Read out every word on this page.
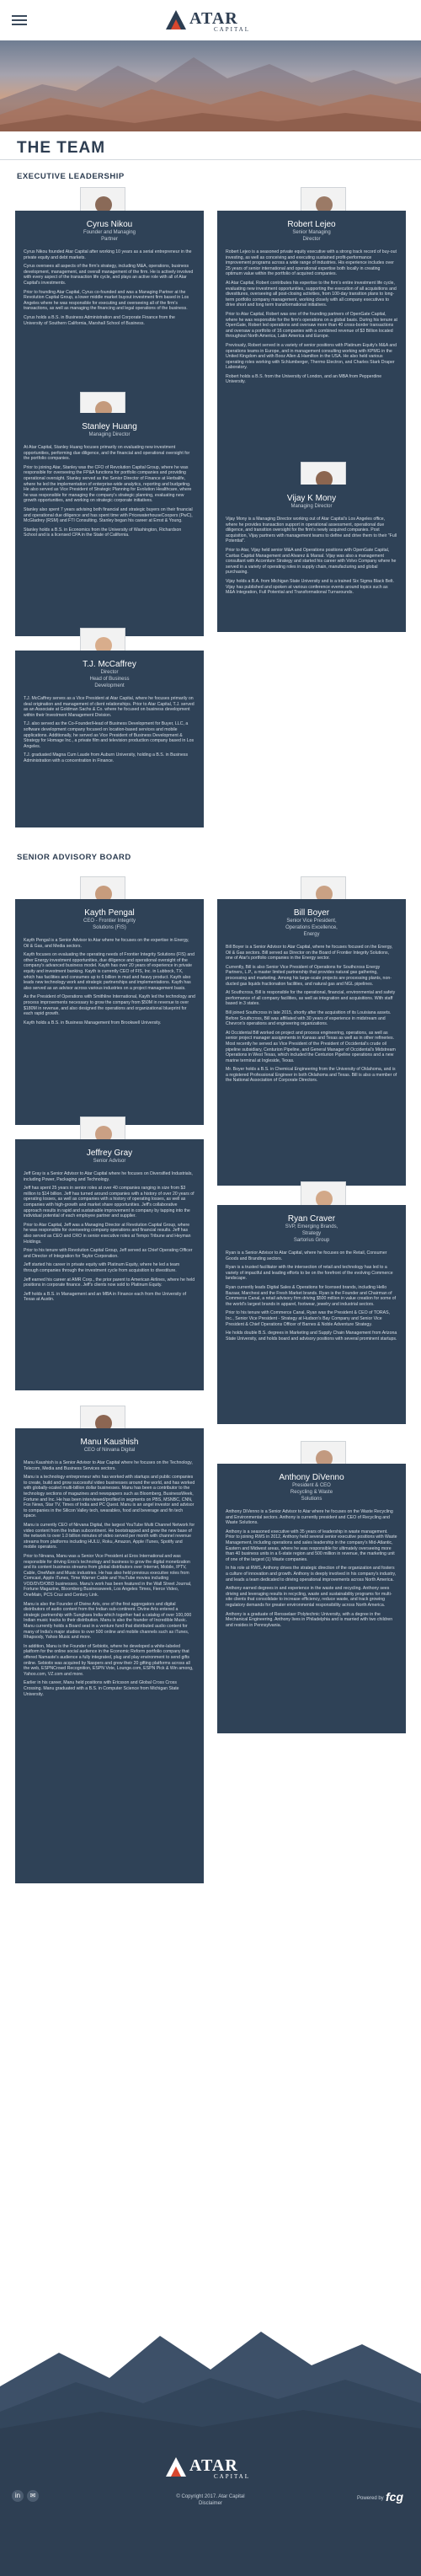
ATAR
CAPITAL
THE TEAM
EXECUTIVE LEADERSHIP
Cyrus Nikou
Founder and Managing
Partner

Cyrus Nikou founded Atar Capital after working 10 years as a serial entrepreneur in the private equity and debt markets.

Cyrus oversees all aspects of the firm's strategy, including M&A, operations, business development, management, and overall management of the firm. He is actively involved with every aspect of the transaction life cycle, and plays an active role with all of Atar Capital's investments.

Prior to founding Atar Capital, Cyrus co-founded and was a Managing Partner at the Revolution Capital Group, a lower middle market buyout investment firm based in Los Angeles where he was responsible for executing and overseeing all of the firm's transactions, as well as managing the financing and legal operations of the business.

Cyrus holds a B.S. in Business Administration and Corporate Finance from the University of Southern California, Marshall School of Business.

Robert Lejeo
Senior Managing
Director

Robert Lejeo is a seasoned private equity executive with a strong track record of buy-out investing, as well as conceiving and executing sustained profit-performance improvement programs across a wide range of industries. His experience includes over 25 years of senior international and operational expertise both locally in creating optimum value within the portfolio of acquired companies.

At Atar Capital, Robert contributes his expertise to the firm's entire investment life cycle, evaluating new investment opportunities, supporting the execution of all acquisitions and divestitures, overseeing all post-closing activities, from 100-day transition plans to long-term portfolio company management, working closely with all company executives to drive short and long term transformational initiatives.

Prior to Atar Capital, Robert was one of the founding partners of OpenGate Capital, where he was responsible for the firm's operations on a global basis. During his tenure at OpenGate, Robert led operations and oversaw more than 40 cross-border transactions and oversaw a portfolio of 16 companies with a combined revenue of $3 Billion located throughout North America, Latin America and Europe.

Previously, Robert served in a variety of senior positions with Platinum Equity's M&A and operations teams in Europe, and in management consulting working with KPMG in the United Kingdom and with Booz Allen & Hamilton in the USA. He also held various operating roles working with Schlumberger, Thermo Electron, and Charles Stark Draper Laboratory.

Robert holds a B.S. from the University of London, and an MBA from Pepperdine University.

Stanley Huang
Managing Director

At Atar Capital, Stanley Huang focuses primarily on evaluating new investment opportunities, performing due diligence, and the financial and operational oversight for the portfolio companies.

Prior to joining Atar, Stanley was the CFO of Revolution Capital Group, where he was responsible for overseeing the FP&A functions for portfolio companies and providing operational oversight. Stanley served as the Senior Director of Finance at Herbalife, where he led the implementation of enterprise-wide analytics, reporting and budgeting. He also served as Vice President of Strategic Planning for Evolution Healthcare, where he was responsible for managing the company's strategic planning, evaluating new growth opportunities, and working on strategic corporate initiatives.

Stanley also spent 7 years advising both financial and strategic buyers on their financial and operational due diligence and has spent time with PricewaterhouseCoopers (PwC), McGladrey (RSM) and FTI Consulting. Stanley began his career at Ernst & Young.

Stanley holds a B.S. in Economics from the University of Washington, Richardson School and is a licensed CPA in the State of California.

Vijay K Mony
Managing Director

Vijay Mony is a Managing Director working out of Atar Capital's Los Angeles office, where he provides transaction support in operational assessment, operational due diligence, and transition oversight for the firm's newly acquired companies. Post acquisition, Vijay partners with management teams to define and drive them to their "Full Potential".

Prior to Atar, Vijay held senior M&A and Operations positions with OpenGate Capital, Caritas Capital Management and Alvarez & Marsal. Vijay was also a management consultant with Accenture Strategy and started his career with Volvo Company where he served in a variety of operating roles in supply chain, manufacturing and global purchasing.

Vijay holds a B.A. from Michigan State University and is a trained Six Sigma Black Belt. Vijay has published and spoken at various conference events around topics such as M&A Integration, Full Potential and Transformational Turnarounds.

T.J. McCaffrey
Director
Head of Business
Development

T.J. McCaffrey serves as a Vice President at Atar Capital, where he focuses primarily on deal origination and management of client relationships. Prior to Atar Capital, T.J. served as an Associate at Goldman Sachs & Co. where he focused on business development within their Investment Management Division.

T.J. also served as the Co-Founder/Head of Business Development for Buyer, LLC, a software development company focused on location-based services and mobile applications. Additionally, he served as Vice President of Business Development & Strategy for Homage Inc., a private film and television production company based in Los Angeles.

T.J. graduated Magna Cum Laude from Auburn University, holding a B.S. in Business Administration with a concentration in Finance.

SENIOR ADVISORY BOARD
Kayth Pengal
CEO - Frontier Integrity
Solutions (FIS)

Kayth Pengal is a Senior Advisor to Atar where he focuses on the expertise in Energy, Oil & Gas, and Media sectors.

Kayth focuses on evaluating the operating needs of Frontier Integrity Solutions (FIS) and other Energy investment opportunities, due diligence and operational oversight of the company's advanced business model. Kayth has over 20 years of experience in private equity and investment banking. Kayth is currently CEO of FIS, Inc. in Lubbock, TX, which has facilities and consumes up to 6 billion in mud and heavy product. Kayth also leads new technology work and strategic partnerships and implementations. Kayth has also served as an advisor across various industries on a project management basis.

As the President of Operations with Smithline International, Kayth led the technology and process improvements necessary to grow the company from $50M in revenue to over $180M in revenue, and also designed the operations and organizational blueprint for each rapid growth.

Kayth holds a B.S. in Business Management from Brookwell University.

Bill Boyer
Senior Vice President,
Operations Excellence,
Energy

Bill Boyer is a Senior Advisor to Atar Capital, where he focuses focused on the Energy, Oil & Gas sectors. Bill served as Director on the Board of Frontier Integrity Solutions, one of Atar's portfolio companies in the Energy sector.

Currently, Bill is also Senior Vice President of Operations for Southcross Energy Partners, L.P., a master limited partnership that provides natural gas gathering, processing and marketing. Among his large-scale projects are processing plants, non-ducted gas liquids fractionation facilities, and natural gas and NGL pipelines.

At Southcross, Bill is responsible for the operational, financial, environmental and safety performance of all company facilities, as well as integration and acquisitions. With staff based in 3 states.

Bill joined Southcross in late 2015, shortly after the acquisition of its Louisiana assets. Before Southcross, Bill was affiliated with 30 years of experience in midstream and Chevron's operations and engineering organizations.

At Occidental Bill worked on project and process engineering, operations, as well as senior project manager assignments in Kansas and Texas as well as in other refineries. Most recently he served as Vice President of the President of Occidental's crude oil pipeline subsidiary, Centurion Pipeline, and General Manager of Occidental's Midstream Operations in West Texas, which included the Centurion Pipeline operations and a new marine terminal at Ingleside, Texas.

Mr. Boyer holds a B.S. in Chemical Engineering from the University of Oklahoma, and is a registered Professional Engineer in both Oklahoma and Texas. Bill is also a member of the National Association of Corporate Directors.

Jeffrey Gray
Senior Advisor

Jeff Gray is a Senior Advisor to Atar Capital where he focuses on Diversified Industrials, including Power, Packaging and Technology.

Jeff has spent 25 years in senior roles at over 40 companies ranging in size from $3 million to $14 billion. Jeff has turned around companies with a history of over 20 years of operating losses, as well as companies with a history of operating losses, as well as companies with high-growth and market share opportunities. Jeff's collaborative approach results in rapid and sustainable improvement in company by tapping into the individual potential of each employee partner and supplier.

Prior to Atar Capital, Jeff was a Managing Director at Revolution Capital Group, where he was responsible for overseeing company operations and financial results. Jeff has also served as CEO and CRO in senior executive roles at Tempo Tribune and Heyman Holdings.

Prior to his tenure with Revolution Capital Group, Jeff served as Chief Operating Officer and Director of Integration for Taylor Corporation.

Jeff started his career in private equity with Platinum Equity, where he led a team through companies through the investment cycle from acquisition to divestiture.

Jeff earned his career at AMR Corp., the prior parent to American Airlines, where he held positions in corporate finance. Jeff's clients now sold to Platinum Equity.

Jeff holds a B.S. in Management and an MBA in Finance each from the University of Texas at Austin.

Ryan Craver
SVP, Emerging Brands,
Strategy
Sartorius Group

Ryan is a Senior Advisor to Atar Capital, where he focuses on the Retail, Consumer Goods and Branding sectors.

Ryan is a trusted facilitator with the intersection of retail and technology has led to a variety of impactful and leading efforts to be on the forefront of the evolving Commerce landscape.

Ryan currently leads Digital Sales & Operations for licensed brands, including Hello Bazaar, Marchesi and the Fresh Market brands. Ryan is the Founder and Chairman of Commerce Canal, a retail advisory firm driving $500 million in value creation for some of the world's largest brands in apparel, footwear, jewelry and industrial sectors.

Prior to his tenure with Commerce Canal, Ryan was the President & CEO of TORAS, Inc., Senior Vice President - Strategy at Hudson's Bay Company and Senior Vice President & Chief Operations Officer of Barnes & Noble Adventure Strategy.

He holds double B.S. degrees in Marketing and Supply Chain Management from Arizona State University, and holds board and advisory positions with several prominent startups.

Manu Kaushish
CEO of Nirvana Digital

Manu Kaushish is a Senior Advisor to Atar Capital where he focuses on the Technology, Telecom, Media and Business Services sectors.

Manu is a technology entrepreneur who has worked with startups and public companies to create, build and grow successful video businesses around the world, and has worked with globally-scaled multi-billion dollar businesses. Manu has been a contributor to the technology sections of magazines and newspapers such as Bloomberg, BusinessWeek, Fortune and Inc. He has been interviewed/profiled in segments on PBS, MSNBC, CNN, Fox News, Star TV, Times of India and PC Quest. Manu is an angel investor and advisor to companies in the Silicon Valley tech, wearables, food and beverage and fin tech space.

Manu is currently CEO of Nirvana Digital, the largest YouTube Multi Channel Network for video content from the Indian subcontinent. He bootstrapped and grew the new base of the network to over 1.0 billion minutes of video served per month with channel revenue streams from platforms including HULU, Roku, Amazon, Apple iTunes, Spotify and mobile operators.

Prior to Nirvana, Manu was a Senior Vice President at Eros International and was responsible for driving Eros's technology and business to grow the digital monetization and its content business streams from global distributors over Internet, Mobile, IPTV, Cable, OneMain and Music industries. He has also held previous executive roles from Comcast, Apple iTunes, Time Warner Cable and YouTube movies including VOD/DVD/OBD businesses. Manu's work has been featured in the Wall Street Journal, Fortune Magazine, Bloomberg Businessweek, Los Angeles Times, Fierce Video, OneMain, PCS Cruz and Century Link.

Manu is also the Founder of Divine Arts, one of the first aggregators and digital distributors of audio content from the Indian sub-continent. Divine Arts entered a strategic partnership with Sungkara India which together had a catalog of over 100,000 Indian music tracks to their distribution. Manu is also the founder of Incredible Music. Manu currently holds a Board seat in a venture fund that distributed audio content for many of India's major studios to over 500 online and mobile channels such as iTunes, Rhapsody, Yahoo Music and more.

In addition, Manu is the Founder of Sebiotix, where he developed a white-labeled platform for the online social audience in the Economic Reform portfolio company that offered Namaste's audience a fully integrated, plug and play environment to send gifts online. Sebiotix was acquired by Naspers and grew their 20 gifting platforms across all the web, ESPNCrowd Recognition, ESPN Vote, Lounge.com, ESPN Pick & Win among, Yahoo.com, VZ.com and more.

Earlier in his career, Manu held positions with Ericsson and Global Cross Cross Crossing. Manu graduated with a B.S. in Computer Science from Michigan State University.

Anthony DiVenno
President & CEO
Recycling & Waste
Solutions

Anthony DiVenno is a Senior Advisor to Atar where he focuses on the Waste Recycling and Environmental sectors. Anthony is currently president and CEO of Recycling and Waste Solutions.

Anthony is a seasoned executive with 35 years of leadership in waste management. Prior to joining RWS in 2012, Anthony held several senior executive positions with Waste Management, including operations and sales leadership in the company's Mid-Atlantic, Eastern and Midwest areas, where he was responsible for ultimately overseeing more than 40 business units in a 6-state region and 500 million in revenue, the marketing unit of one of the largest (1) Waste companies.

In his role at RWS, Anthony drives the strategic direction of the organization and fosters a culture of innovation and growth. Anthony is deeply involved in his company's industry, and leads a team dedicated to driving operational improvements across North America.

Anthony earned degrees in and experience in the waste and recycling. Anthony sees driving and leveraging results in recycling, waste and sustainability programs for multi-site clients that consolidate to increase efficiency, reduce waste, and track growing regulatory demands for greater environmental responsibility across North America.

Anthony is a graduate of Rensselaer Polytechnic University, with a degree in the Mechanical Engineering. Anthony lives in Philadelphia and is married with two children and resides in Pennsylvania.

ATAR
CAPITAL
in	✉	© Copyright 2017. Atar Capital
Disclaimer
Powered by fcg
